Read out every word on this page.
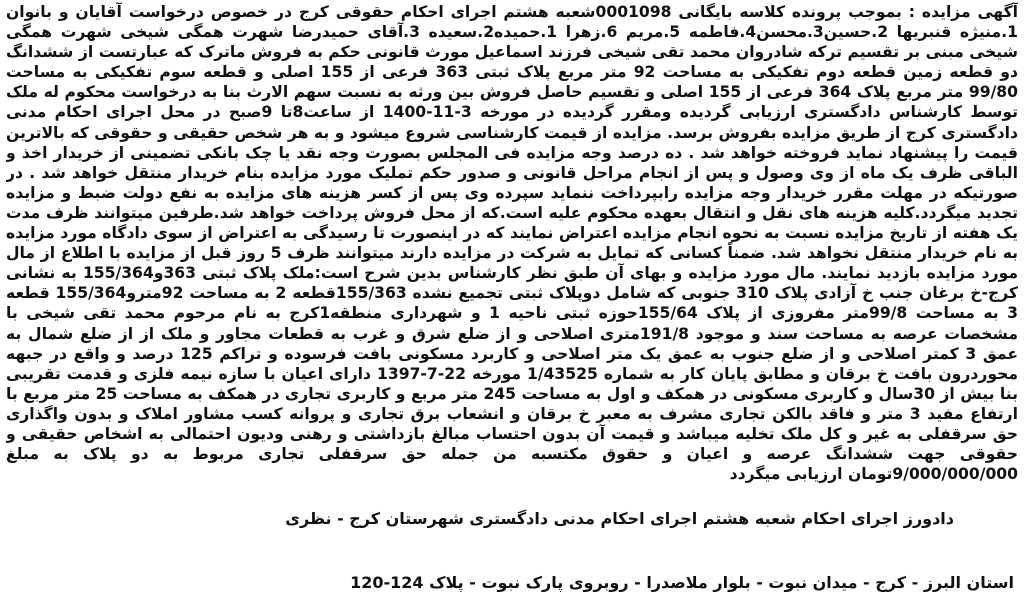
آگهی مزایده : بموجب پرونده کلاسه بایگانی 0001098شعبه هشتم اجرای احکام حقوقی کرج در خصوص درخواست آقایان و بانوان 1.منیژه قنبریها 2.حسین3.محسن4.فاطمه 5.مریم 6.زهرا 1.حمیده2.سعیده 3.آقای حمیدرضا شهرت همگی شیخی شهرت همگی شیخی مبنی بر تقسیم ترکه شادروان محمد تقی شیخی فرزند اسماعیل مورث قانونی حکم به فروش ماترک که عبارتست از ششدانگ دو قطعه زمین قطعه دوم تفکیکی به مساحت 92 متر مربع پلاک ثبتی 363 فرعی از 155 اصلی و قطعه سوم تفکیکی به مساحت 99/80 متر مربع پلاک 364 فرعی از 155 اصلی و تقسیم حاصل فروش بین ورثه به نسبت سهم الارث بنا به درخواست محکوم له ملک توسط کارشناس دادگستری ارزیابی گردیده ومقرر گردیده در مورخه 3-11-1400 از ساعت8تا 9صبح در محل اجرای احکام مدنی دادگستری کرج از طریق مزایده بفروش برسد. مزایده از قیمت کارشناسی شروع میشود و به هر شخص حقیقی و حقوقی که بالاترین قیمت را پیشنهاد نماید فروخته خواهد شد . ده درصد وجه مزایده فی المجلس بصورت وجه نقد یا چک بانکی تضمینی از خریدار اخذ و الباقی ظرف یک ماه از وی وصول و پس از انجام مراحل قانونی و صدور حکم تملیک مورد مزایده بنام خریدار منتقل خواهد شد . در صورتیکه در مهلت مقرر خریدار وجه مزایده رابپرداخت ننماید سپرده وی پس از کسر هزینه های مزایده به نفع دولت ضبط و مزایده تجدید میگردد.کلیه هزینه های نقل و انتقال بعهده محکوم علیه است.که از محل فروش پرداخت خواهد شد.طرفین میتوانند ظرف مدت یک هفته از تاریخ مزایده نسبت به نحوه انجام مزایده اعتراض نمایند که در اینصورت تا رسیدگی به اعتراض از سوی دادگاه مورد مزایده به نام خریدار منتقل نخواهد شد. ضمناً کسانی که تمایل به شرکت در مزایده دارند میتوانند ظرف 5 روز قبل از مزایده با اطلاع از مال مورد مزایده بازدید نمایند. مال مورد مزایده و بهای آن طبق نظر کارشناس بدین شرح است:ملک پلاک ثبتی 363و155/364 به نشانی کرج-خ برغان جنب خ آزادی پلاک 310 جنوبی که شامل دوپلاک ثبتی تجمیع نشده 155/363قطعه 2 به مساحت 92مترو155/364 قطعه 3 به مساحت 99/8متر مفروزی از پلاک 155/64حوزه ثبتی ناحیه 1 و شهرداری منطقه1کرج به نام مرحوم محمد تقی شیخی با مشخصات عرصه به مساحت سند و موجود 191/8متری اصلاحی و از ضلع شرق و غرب به قطعات مجاور و ملک از از ضلع شمال به عمق 3 کمتر اصلاحی و از ضلع جنوب به عمق یک متر اصلاحی و کاربرد مسکونی بافت فرسوده و تراکم 125 درصد و واقع در جبهه محوردرون بافت خ برقان و مطابق پایان کار به شماره 1/43525 مورخه 22-7-1397 دارای اعیان با سازه نیمه فلزی و قدمت تقریبی بنا بیش از 30سال و کاربری مسکونی در همکف و اول به مساحت 245 متر مربع و کاربری تجاری در همکف به مساحت 25 متر مربع با ارتفاع مفید 3 متر و فاقد بالکن تجاری مشرف به معبر خ برقان و انشعاب برق تجاری و پروانه کسب مشاور املاک و بدون واگذاری حق سرقفلی به غیر و کل ملک تخلیه میباشد و قیمت آن بدون احتساب مبالغ بازداشتی و رهنی ودیون احتمالی به اشخاص حقیقی و حقوقی جهت ششدانگ عرصه و اعیان و حقوق مکتسبه من جمله حق سرقفلی تجاری مربوط به دو پلاک به مبلغ 9/000/000/000تومان ارزیابی میگردد

دادورز اجرای احکام شعبه هشتم اجرای احکام مدنی دادگستری شهرستان کرج - نظری

استان البرز - کرج - میدان نبوت - بلوار ملاصدرا - روبروی پارک نبوت - پلاک 124-120
